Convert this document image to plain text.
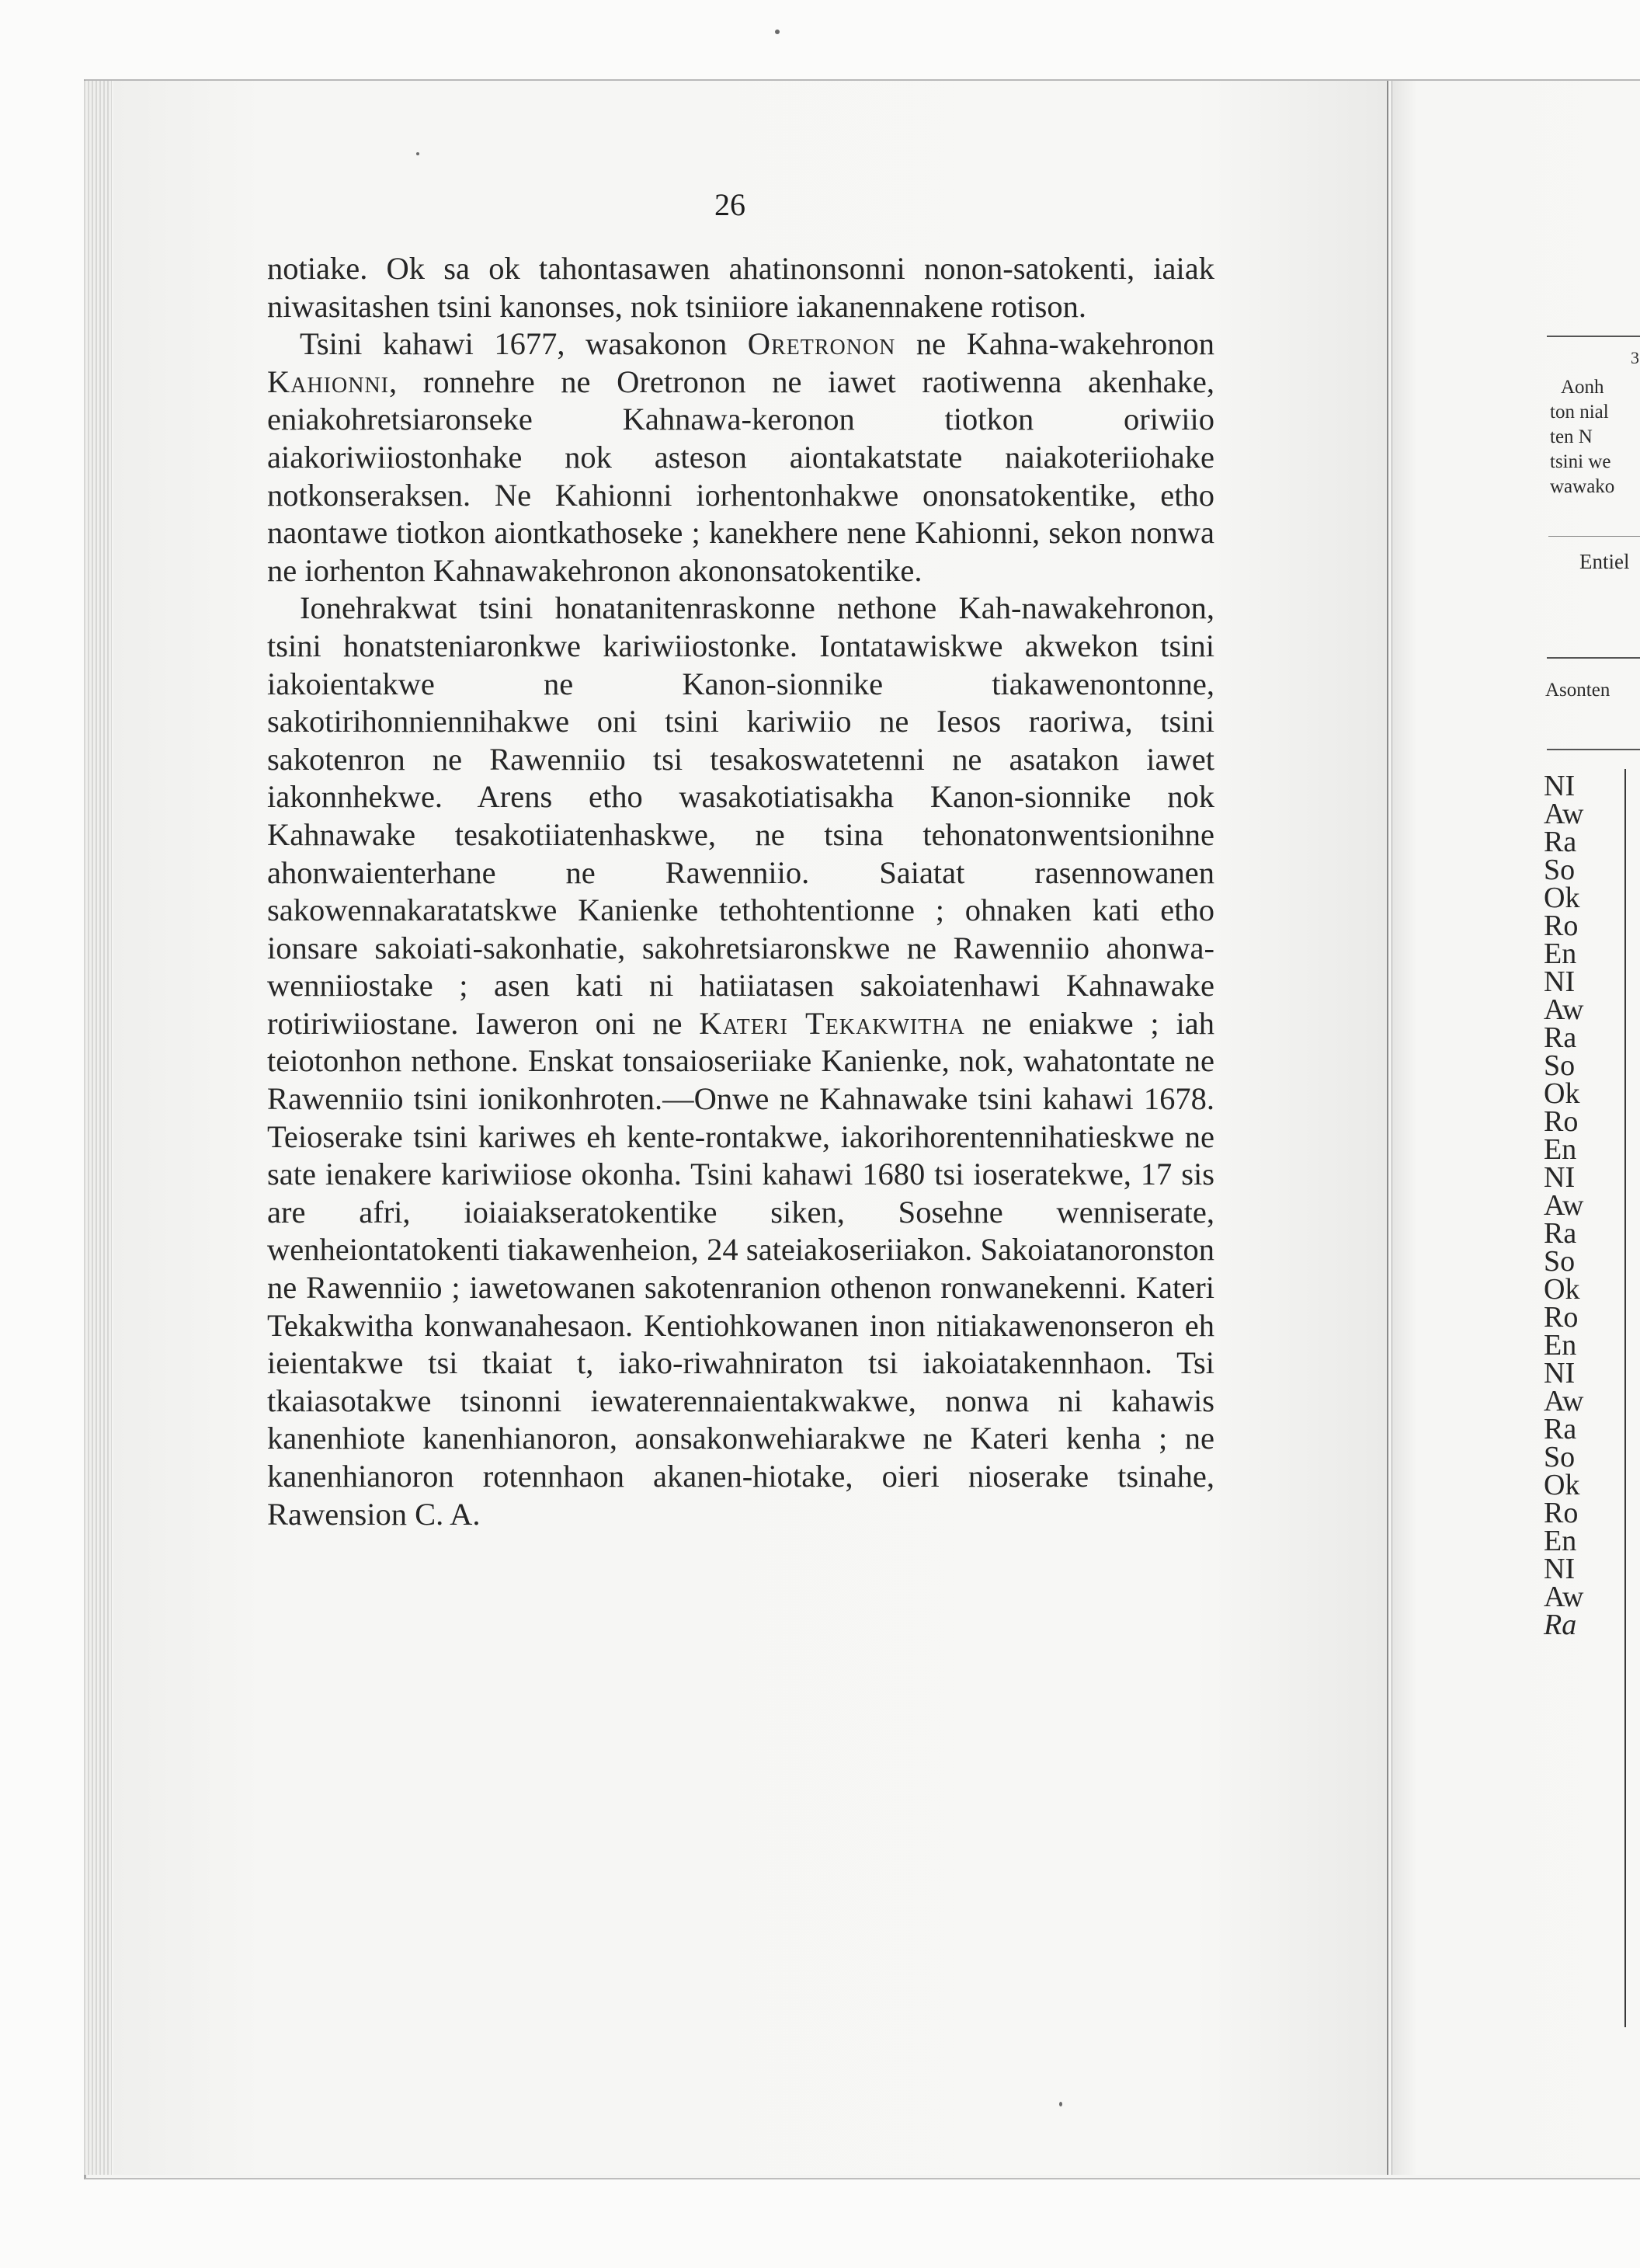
26

notiake. Ok sa ok tahontasawen ahatinonsonni nonon-satokenti, iaiak niwasitashen tsini kanonses, nok tsiniiore iakanennakene rotison.

Tsini kahawi 1677, wasakonon Oretronon ne Kahna-wakehronon Kahionni, ronnehre ne Oretronon ne iawet raotiwenna akenhake, eniakohretsiaronseke Kahnawa-keronon tiotkon oriwiio aiakoriwiiostonhake nok asteson aiontakatstate naiakoteriiohake notkonseraksen. Ne Kahionni iorhentonhakwe ononsatokentike, etho naontawe tiotkon aiontkathoseke ; kanekhere nene Kahionni, sekon nonwa ne iorhenton Kahnawakehronon akononsatokentike.

Ionehrakwat tsini honatanitenraskonne nethone Kah-nawakehronon, tsini honatsteniaronkwe kariwiiostonke. Iontatawiskwe akwekon tsini iakoientakwe ne Kanon-sionnike tiakawenontonne, sakotirihonniennihakwe oni tsini kariwiio ne Iesos raoriwa, tsini sakotenron ne Rawenniio tsi tesakoswatetenni ne asatakon iawet iakonnhekwe. Arens etho wasakotiatisakha Kanon-sionnike nok Kahnawake tesakotiiatenhaskwe, ne tsina tehonatonwentsionihne ahonwaienterhane ne Rawenniio. Saiatat rasennowanen sakowennakaratatskwe Kanienke tethohtentionne ; ohnaken kati etho ionsare sakoiati-sakonhatie, sakohretsiaronskwe ne Rawenniio ahonwa-wenniiostake ; asen kati ni hatiiatasen sakoiatenhawi Kahnawake rotiriwiiostane. Iaweron oni ne Kateri Tekakwitha ne eniakwe ; iah teiotonhon nethone. Enskat tonsaioseriiake Kanienke, nok, wahatontate ne Rawenniio tsini ionikonhroten.—Onwe ne Kahnawake tsini kahawi 1678. Teioserake tsini kariwes eh kente-rontakwe, iakorihorentennihatieskwe ne sate ienakere kariwiiose okonha. Tsini kahawi 1680 tsi ioseratekwe, 17 sis are afri, ioiaiakseratokentike siken, Sosehne wenniserate, wenheiontatokenti tiakawenheion, 24 sateiakoseriiakon. Sakoiatanoronston ne Rawenniio ; iawetowanen sakotenranion othenon ronwanekenni. Kateri Tekakwitha konwanahesaon. Kentiohkowanen inon nitiakawenonseron eh ieientakwe tsi tkaiat t, iako-riwahniraton tsi iakoiatakennhaon. Tsi tkaiasotakwe tsinonni iewaterennaientakwakwe, nonwa ni kahawis kanenhiote kanenhianoron, aonsakonwehiarakwe ne Kateri kenha ; ne kanenhianoron rotennhaon akanen-hiotake, oieri nioserake tsinahe, Rawension C. A.

3
Aonh
ton nial
ten N
tsini we
wawako
Entiel
Asonten
NI
Aw
Ra
So
Ok
Ro
En
NI
Aw
Ra
So
Ok
Ro
En
NI
Aw
Ra
So
Ok
Ro
En
NI
Aw
Ra
So
Ok
Ro
En
NI
Aw
Ra
